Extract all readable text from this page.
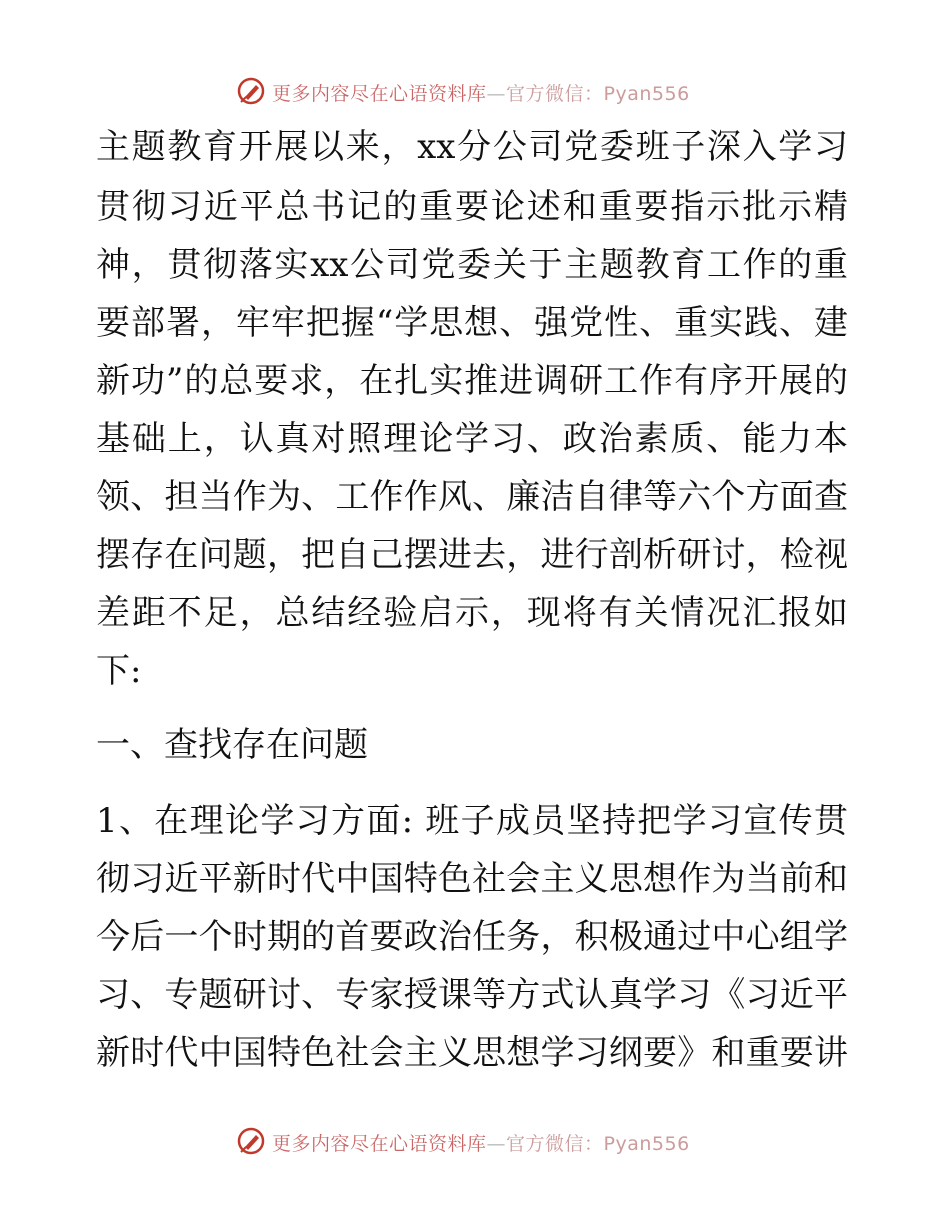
更多内容尽在心语资料库—官方微信：Pyan556
主题教育开展以来，xx分公司党委班子深入学习
贯彻习近平总书记的重要论述和重要指示批示精
神，贯彻落实xx公司党委关于主题教育工作的重
要部署，牢牢把握“学思想、强党性、重实践、建
新功”的总要求，在扎实推进调研工作有序开展的
基础上，认真对照理论学习、政治素质、能力本
领、担当作为、工作作风、廉洁自律等六个方面查
摆存在问题，把自己摆进去，进行剖析研讨，检视
差距不足，总结经验启示，现将有关情况汇报如
下:
一、查找存在问题
1、在理论学习方面: 班子成员坚持把学习宣传贯
彻习近平新时代中国特色社会主义思想作为当前和
今后一个时期的首要政治任务，积极通过中心组学
习、专题研讨、专家授课等方式认真学习《习近平
新时代中国特色社会主义思想学习纲要》和重要讲
更多内容尽在心语资料库—官方微信：Pyan556
